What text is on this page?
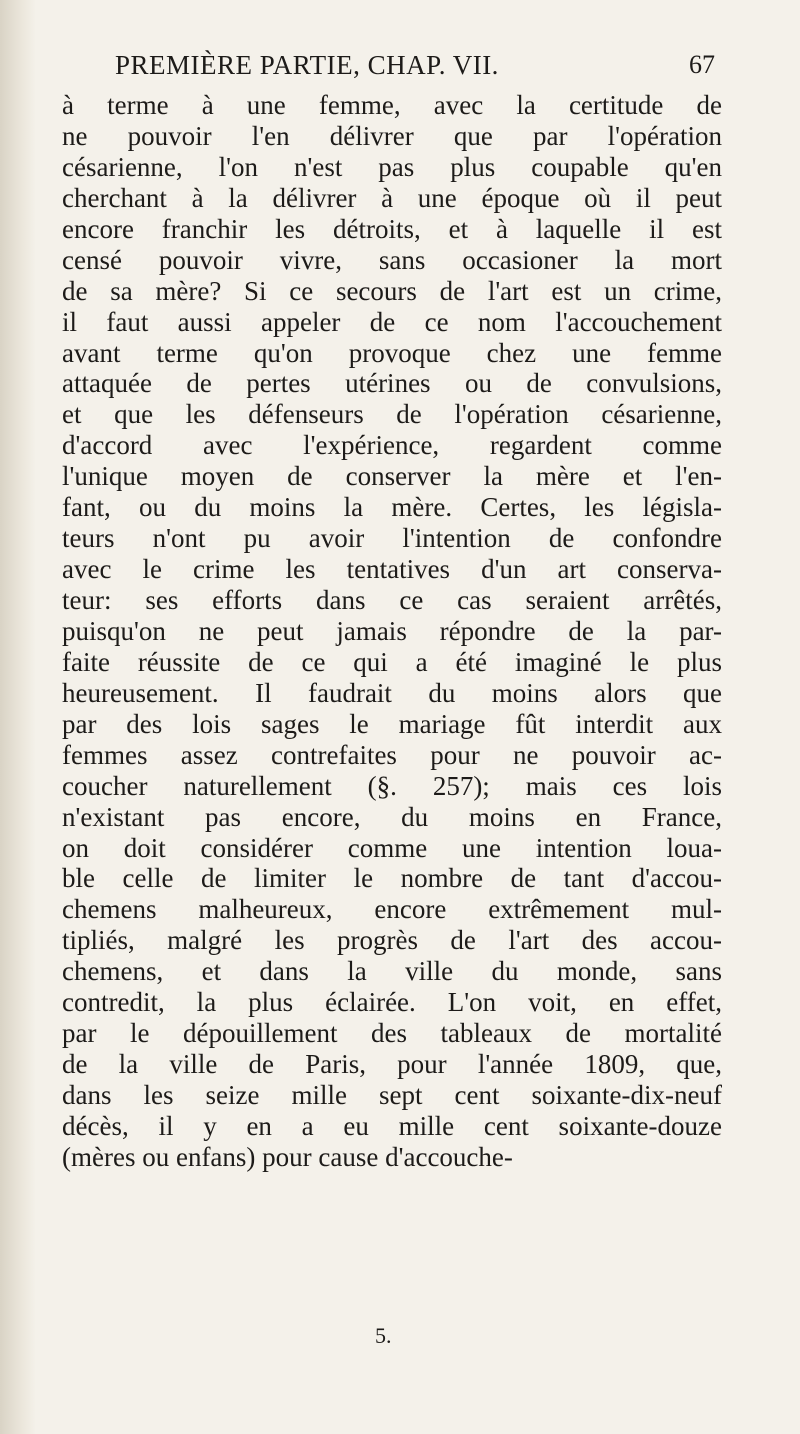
PREMIÈRE PARTIE, CHAP. VII.	67
à terme à une femme, avec la certitude de
ne pouvoir l'en délivrer que par l'opération
césarienne, l'on n'est pas plus coupable qu'en
cherchant à la délivrer à une époque où il peut
encore franchir les détroits, et à laquelle il est
censé pouvoir vivre, sans occasioner la mort
de sa mère? Si ce secours de l'art est un crime,
il faut aussi appeler de ce nom l'accouchement
avant terme qu'on provoque chez une femme
attaquée de pertes utérines ou de convulsions,
et que les défenseurs de l'opération césarienne,
d'accord avec l'expérience, regardent comme
l'unique moyen de conserver la mère et l'en-
fant, ou du moins la mère. Certes, les législa-
teurs n'ont pu avoir l'intention de confondre
avec le crime les tentatives d'un art conserva-
teur: ses efforts dans ce cas seraient arrêtés,
puisqu'on ne peut jamais répondre de la par-
faite réussite de ce qui a été imaginé le plus
heureusement. Il faudrait du moins alors que
par des lois sages le mariage fût interdit aux
femmes assez contrefaites pour ne pouvoir ac-
coucher naturellement (§. 257); mais ces lois
n'existant pas encore, du moins en France,
on doit considérer comme une intention loua-
ble celle de limiter le nombre de tant d'accou-
chemens malheureux, encore extrêmement mul-
tipliés, malgré les progrès de l'art des accou-
chemens, et dans la ville du monde, sans
contredit, la plus éclairée. L'on voit, en effet,
par le dépouillement des tableaux de mortalité
de la ville de Paris, pour l'année 1809, que,
dans les seize mille sept cent soixante-dix-neuf
décès, il y en a eu mille cent soixante-douze
(mères ou enfans) pour cause d'accouche-
5.
